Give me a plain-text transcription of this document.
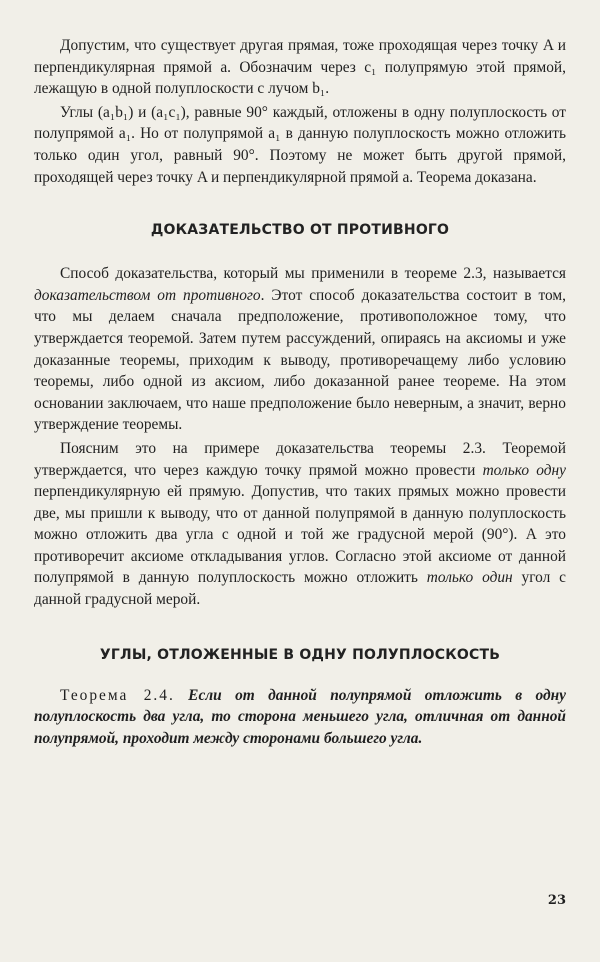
Допустим, что существует другая прямая, тоже проходящая через точку A и перпендикулярная прямой a. Обозначим через c₁ полупрямую этой прямой, лежащую в одной полуплоскости с лучом b₁.

Углы (a₁b₁) и (a₁c₁), равные 90° каждый, отложены в одну полуплоскость от полупрямой a₁. Но от полупрямой a₁ в данную полуплоскость можно отложить только один угол, равный 90°. Поэтому не может быть другой прямой, проходящей через точку A и перпендикулярной прямой a. Теорема доказана.

ДОКАЗАТЕЛЬСТВО ОТ ПРОТИВНОГО

Способ доказательства, который мы применили в теореме 2.3, называется доказательством от противного. Этот способ доказательства состоит в том, что мы делаем сначала предположение, противоположное тому, что утверждается теоремой. Затем путем рассуждений, опираясь на аксиомы и уже доказанные теоремы, приходим к выводу, противоречащему либо условию теоремы, либо одной из аксиом, либо доказанной ранее теореме. На этом основании заключаем, что наше предположение было неверным, а значит, верно утверждение теоремы.

Поясним это на примере доказательства теоремы 2.3. Теоремой утверждается, что через каждую точку прямой можно провести только одну перпендикулярную ей прямую. Допустив, что таких прямых можно провести две, мы пришли к выводу, что от данной полупрямой в данную полуплоскость можно отложить два угла с одной и той же градусной мерой (90°). А это противоречит аксиоме откладывания углов. Согласно этой аксиоме от данной полупрямой в данную полуплоскость можно отложить только один угол с данной градусной мерой.

УГЛЫ, ОТЛОЖЕННЫЕ В ОДНУ ПОЛУПЛОСКОСТЬ

Теорема 2.4. Если от данной полупрямой отложить в одну полуплоскость два угла, то сторона меньшего угла, отличная от данной полупрямой, проходит между сторонами большего угла.

23
